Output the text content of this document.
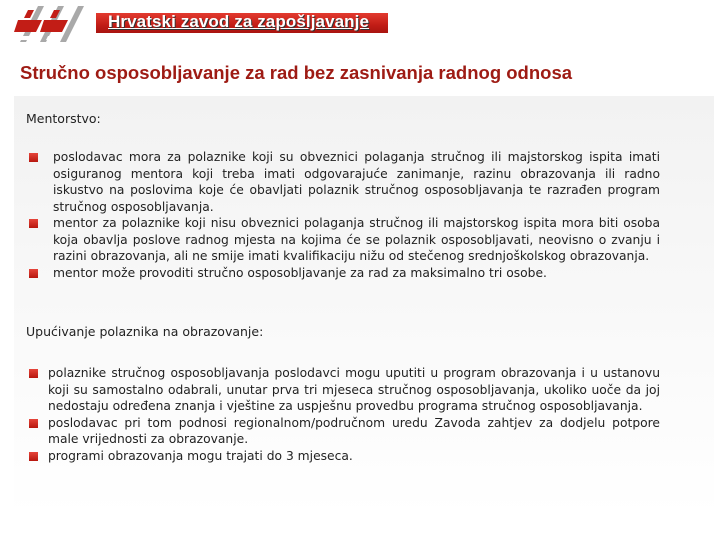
Hrvatski zavod za zapošljavanje
Stručno osposobljavanje za rad bez zasnivanja radnog odnosa
Mentorstvo:
poslodavac mora za polaznike koji su obveznici polaganja stručnog ili majstorskog ispita imati osiguranog mentora koji treba imati odgovarajuće zanimanje, razinu obrazovanja ili radno iskustvo na poslovima koje će obavljati polaznik stručnog osposobljavanja te razrađen program stručnog osposobljavanja.
mentor za polaznike koji nisu obveznici polaganja stručnog ili majstorskog ispita mora biti osoba koja obavlja poslove radnog mjesta na kojima će se polaznik osposobljavati, neovisno o zvanju i razini obrazovanja, ali ne smije imati kvalifikaciju nižu od stečenog srednjoškolskog obrazovanja.
mentor može provoditi stručno osposobljavanje za rad za maksimalno tri osobe.
Upućivanje polaznika na obrazovanje:
polaznike stručnog osposobljavanja poslodavci mogu uputiti u program obrazovanja i u ustanovu koji su samostalno odabrali, unutar prva tri mjeseca stručnog osposobljavanja, ukoliko uoče da joj nedostaju određena znanja i vještine za uspješnu provedbu programa stručnog osposobljavanja.
poslodavac pri tom podnosi regionalnom/područnom uredu Zavoda zahtjev za dodjelu potpore male vrijednosti za obrazovanje.
programi obrazovanja mogu trajati do 3 mjeseca.
